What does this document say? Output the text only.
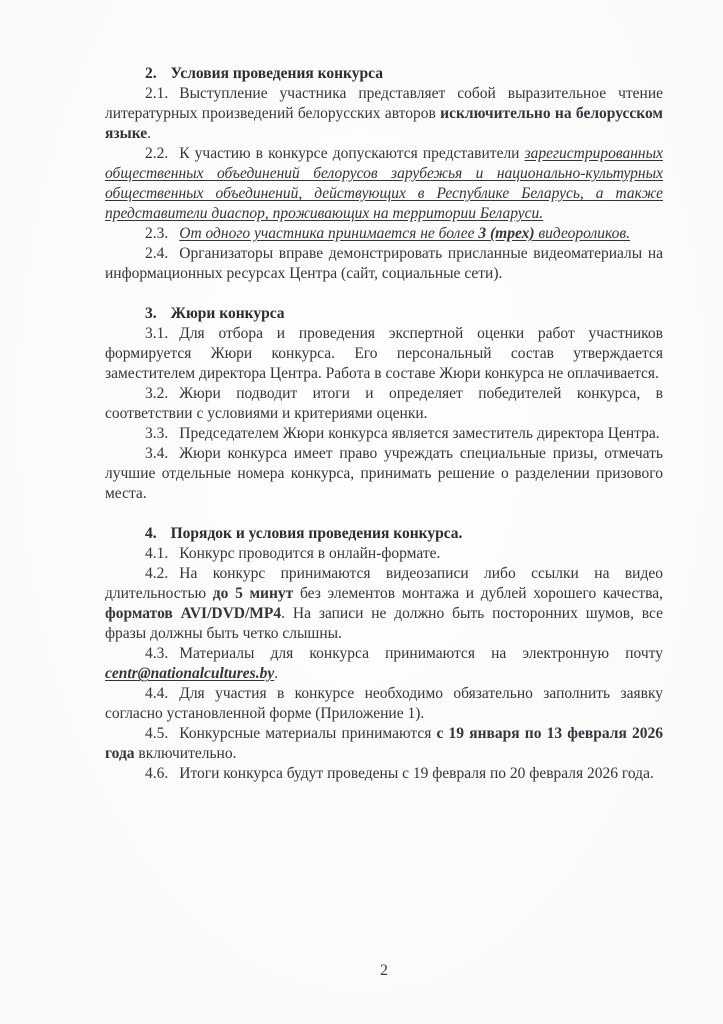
2. Условия проведения конкурса

2.1. Выступление участника представляет собой выразительное чтение литературных произведений белорусских авторов исключительно на белорусском языке.

2.2. К участию в конкурсе допускаются представители зарегистрированных общественных объединений белорусов зарубежья и национально-культурных общественных объединений, действующих в Республике Беларусь, а также представители диаспор, проживающих на территории Беларуси.

2.3. От одного участника принимается не более 3 (трех) видеороликов.

2.4. Организаторы вправе демонстрировать присланные видеоматериалы на информационных ресурсах Центра (сайт, социальные сети).

3. Жюри конкурса

3.1. Для отбора и проведения экспертной оценки работ участников формируется Жюри конкурса. Его персональный состав утверждается заместителем директора Центра. Работа в составе Жюри конкурса не оплачивается.

3.2. Жюри подводит итоги и определяет победителей конкурса, в соответствии с условиями и критериями оценки.

3.3. Председателем Жюри конкурса является заместитель директора Центра.

3.4. Жюри конкурса имеет право учреждать специальные призы, отмечать лучшие отдельные номера конкурса, принимать решение о разделении призового места.

4. Порядок и условия проведения конкурса.

4.1. Конкурс проводится в онлайн-формате.

4.2. На конкурс принимаются видеозаписи либо ссылки на видео длительностью до 5 минут без элементов монтажа и дублей хорошего качества, форматов AVI/DVD/MP4. На записи не должно быть посторонних шумов, все фразы должны быть четко слышны.

4.3. Материалы для конкурса принимаются на электронную почту centr@nationalcultures.by.

4.4. Для участия в конкурсе необходимо обязательно заполнить заявку согласно установленной форме (Приложение 1).

4.5. Конкурсные материалы принимаются с 19 января по 13 февраля 2026 года включительно.

4.6. Итоги конкурса будут проведены с 19 февраля по 20 февраля 2026 года.

2
